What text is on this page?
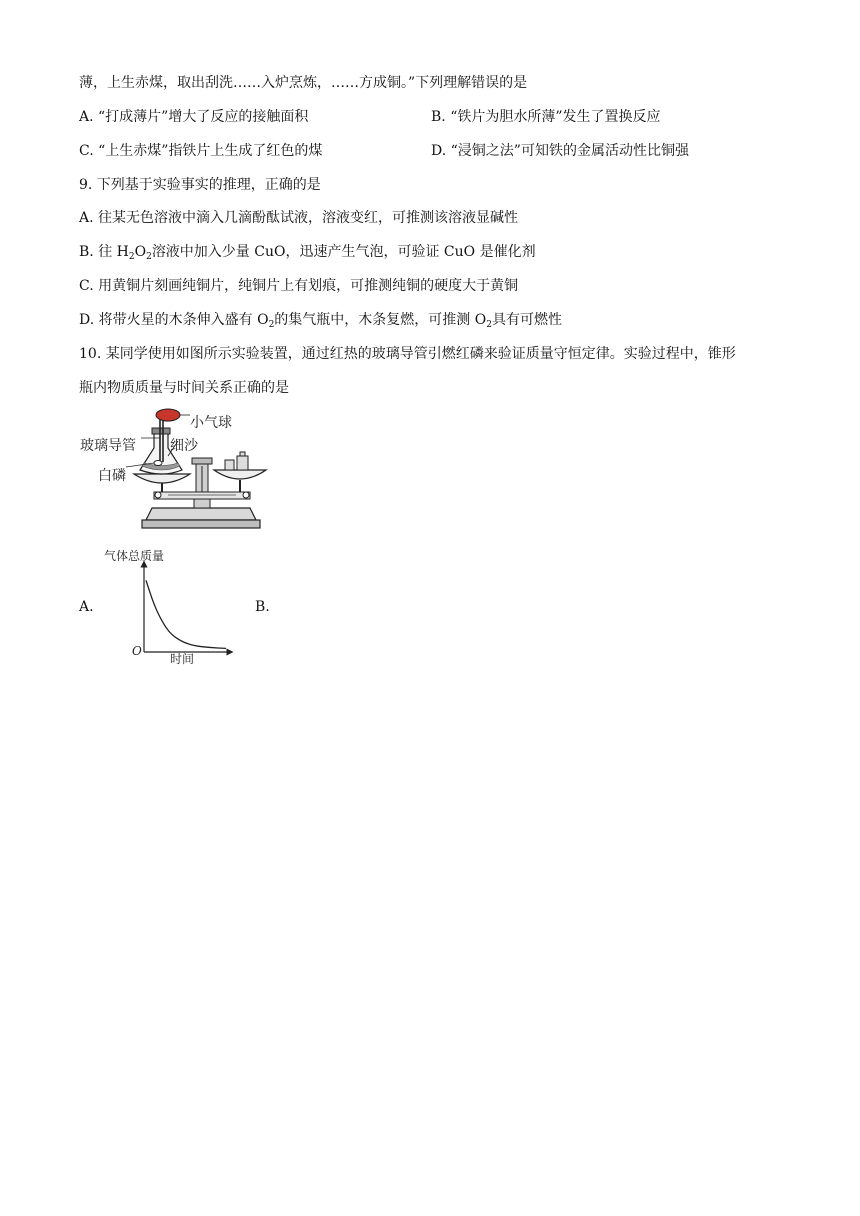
薄，上生赤煤，取出刮洗……入炉烹炼，……方成铜。”下列理解错误的是
A. “打成薄片”增大了反应的接触面积	B. “铁片为胆水所薄”发生了置换反应
C. “上生赤煤”指铁片上生成了红色的煤	D. “浸铜之法”可知铁的金属活动性比铜强
9. 下列基于实验事实的推理，正确的是
A. 往某无色溶液中滴入几滴酚酞试液，溶液变红，可推测该溶液显碱性
B. 往 $H_2O_2$溶液中加入少量 CuO，迅速产生气泡，可验证 CuO 是催化剂
C. 用黄铜片刻画纯铜片，纯铜片上有划痕，可推测纯铜的硬度大于黄铜
D. 将带火星的木条伸入盛有 $O_2$的集气瓶中，木条复燃，可推测 $O_2$具有可燃性
10. 某同学使用如图所示实验装置，通过红热的玻璃导管引燃红磷来验证质量守恒定律。实验过程中，锥形
瓶内物质质量与时间关系正确的是
小气球
玻璃导管 细沙
白磷
A.
气体总质量
时间
O
B.
